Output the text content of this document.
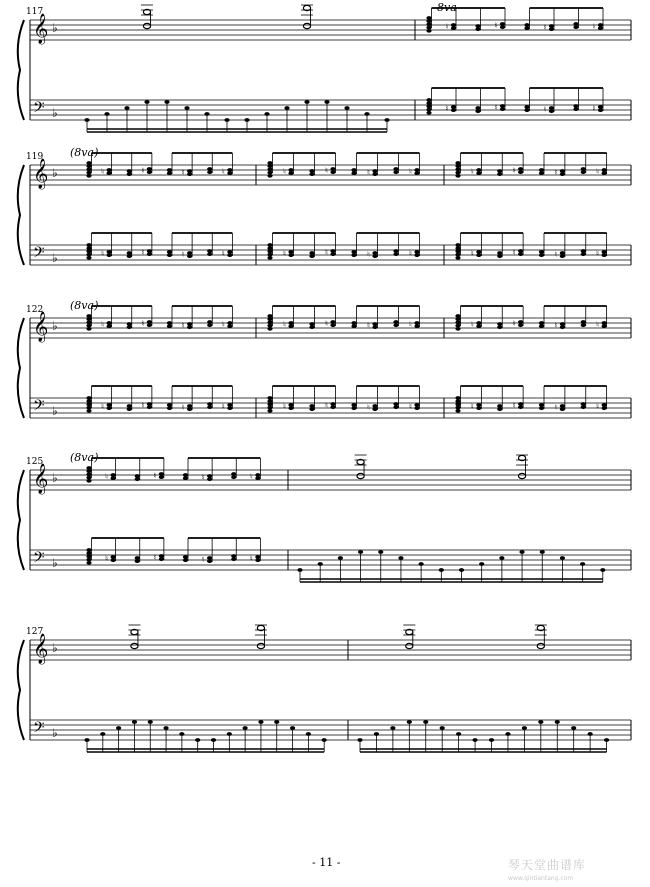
𝄞 ♭
𝄢 ♭
117	8va
♮	♮	♮	♮
♮	♮	♮	♮
𝄞 ♭
𝄢 ♭
119 (8va)
♮	♮	♮	♮
♮	♮	♮	♮
♮	♮	♮	♮
♮	♮	♮	♮
♮	♮	♮	♮
♮	♮	♮	♮
𝄞 ♭
𝄢 ♭
122 (8va)
♮	♮	♮	♮
♮	♮	♮	♮
♮	♮	♮	♮
♮	♮	♮	♮
♮	♮	♮	♮
♮	♮	♮	♮
𝄞 ♭
𝄢 ♭
125 (8va)
♮	♮	♮	♮
♮	♮	♮	♮
𝄞 ♭
𝄢 ♭
127
- 11 -	琴天堂曲谱库
www.qintiantang.com
